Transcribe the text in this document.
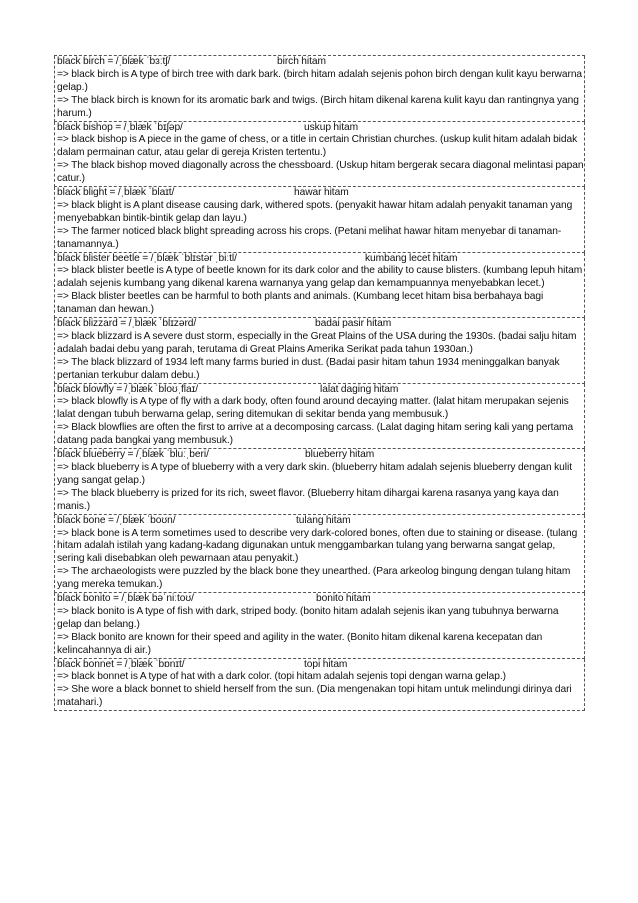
black birch = /ˌblæk ˈbɜːtʃ/	birch hitam
=> black birch is A type of birch tree with dark bark. (birch hitam adalah sejenis pohon birch dengan kulit kayu berwarna gelap.)
=> The black birch is known for its aromatic bark and twigs. (Birch hitam dikenal karena kulit kayu dan rantingnya yang harum.)
black bishop = /ˌblæk ˈbɪʃəp/	uskup hitam
=> black bishop is A piece in the game of chess, or a title in certain Christian churches. (uskup kulit hitam adalah bidak dalam permainan catur, atau gelar di gereja Kristen tertentu.)
=> The black bishop moved diagonally across the chessboard. (Uskup hitam bergerak secara diagonal melintasi papan catur.)
black blight = /ˌblæk ˈblaɪt/	hawar hitam
=> black blight is A plant disease causing dark, withered spots. (penyakit hawar hitam adalah penyakit tanaman yang menyebabkan bintik-bintik gelap dan layu.)
=> The farmer noticed black blight spreading across his crops. (Petani melihat hawar hitam menyebar di tanaman-tanamannya.)
black blister beetle = /ˌblæk ˈblɪstər ˌbiːtl/	kumbang lecet hitam
=> black blister beetle is A type of beetle known for its dark color and the ability to cause blisters. (kumbang lepuh hitam adalah sejenis kumbang yang dikenal karena warnanya yang gelap dan kemampuannya menyebabkan lecet.)
=> Black blister beetles can be harmful to both plants and animals. (Kumbang lecet hitam bisa berbahaya bagi tanaman dan hewan.)
black blizzard = /ˌblæk ˈblɪzərd/	badai pasir hitam
=> black blizzard is A severe dust storm, especially in the Great Plains of the USA during the 1930s. (badai salju hitam adalah badai debu yang parah, terutama di Great Plains Amerika Serikat pada tahun 1930an.)
=> The black blizzard of 1934 left many farms buried in dust. (Badai pasir hitam tahun 1934 meninggalkan banyak pertanian terkubur dalam debu.)
black blowfly = /ˌblæk ˈbloʊˌflaɪ/	lalat daging hitam
=> black blowfly is A type of fly with a dark body, often found around decaying matter. (lalat hitam merupakan sejenis lalat dengan tubuh berwarna gelap, sering ditemukan di sekitar benda yang membusuk.)
=> Black blowflies are often the first to arrive at a decomposing carcass. (Lalat daging hitam sering kali yang pertama datang pada bangkai yang membusuk.)
black blueberry = /ˌblæk ˈbluːˌberi/	blueberry hitam
=> black blueberry is A type of blueberry with a very dark skin. (blueberry hitam adalah sejenis blueberry dengan kulit yang sangat gelap.)
=> The black blueberry is prized for its rich, sweet flavor. (Blueberry hitam dihargai karena rasanya yang kaya dan manis.)
black bone = /ˌblæk ˈboʊn/	tulang hitam
=> black bone is A term sometimes used to describe very dark-colored bones, often due to staining or disease. (tulang hitam adalah istilah yang kadang-kadang digunakan untuk menggambarkan tulang yang berwarna sangat gelap, sering kali disebabkan oleh pewarnaan atau penyakit.)
=> The archaeologists were puzzled by the black bone they unearthed. (Para arkeolog bingung dengan tulang hitam yang mereka temukan.)
black bonito = /ˌblæk bəˈniːtoʊ/	bonito hitam
=> black bonito is A type of fish with dark, striped body. (bonito hitam adalah sejenis ikan yang tubuhnya berwarna gelap dan belang.)
=> Black bonito are known for their speed and agility in the water. (Bonito hitam dikenal karena kecepatan dan kelincahannya di air.)
black bonnet = /ˌblæk ˈbɒnɪt/	topi hitam
=> black bonnet is A type of hat with a dark color. (topi hitam adalah sejenis topi dengan warna gelap.)
=> She wore a black bonnet to shield herself from the sun. (Dia mengenakan topi hitam untuk melindungi dirinya dari matahari.)
